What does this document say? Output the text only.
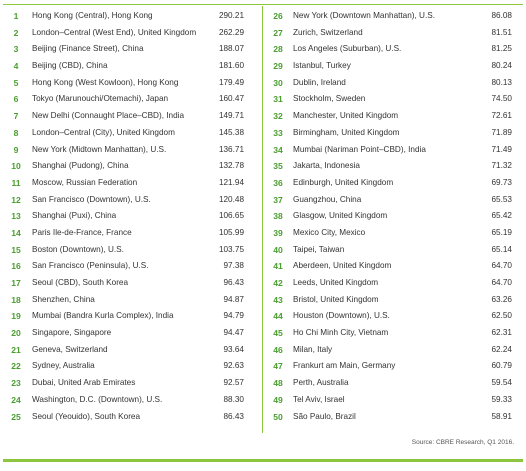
1	Hong Kong (Central), Hong Kong	290.21
2	London–Central (West End), United Kingdom	262.29
3	Beijing (Finance Street), China	188.07
4	Beijing (CBD), China	181.60
5	Hong Kong (West Kowloon), Hong Kong	179.49
6	Tokyo (Marunouchi/Otemachi), Japan	160.47
7	New Delhi (Connaught Place–CBD), India	149.71
8	London–Central (City), United Kingdom	145.38
9	New York (Midtown Manhattan), U.S.	136.71
10	Shanghai (Pudong), China	132.78
11	Moscow, Russian Federation	121.94
12	San Francisco (Downtown), U.S.	120.48
13	Shanghai (Puxi), China	106.65
14	Paris Ile-de-France, France	105.99
15	Boston (Downtown), U.S.	103.75
16	San Francisco (Peninsula), U.S.	97.38
17	Seoul (CBD), South Korea	96.43
18	Shenzhen, China	94.87
19	Mumbai (Bandra Kurla Complex), India	94.79
20	Singapore, Singapore	94.47
21	Geneva, Switzerland	93.64
22	Sydney, Australia	92.63
23	Dubai, United Arab Emirates	92.57
24	Washington, D.C. (Downtown), U.S.	88.30
25	Seoul (Yeouido), South Korea	86.43
26	New York (Downtown Manhattan), U.S.	86.08
27	Zurich, Switzerland	81.51
28	Los Angeles (Suburban), U.S.	81.25
29	Istanbul, Turkey	80.24
30	Dublin, Ireland	80.13
31	Stockholm, Sweden	74.50
32	Manchester, United Kingdom	72.61
33	Birmingham, United Kingdom	71.89
34	Mumbai (Nariman Point–CBD), India	71.49
35	Jakarta, Indonesia	71.32
36	Edinburgh, United Kingdom	69.73
37	Guangzhou, China	65.53
38	Glasgow, United Kingdom	65.42
39	Mexico City, Mexico	65.19
40	Taipei, Taiwan	65.14
41	Aberdeen, United Kingdom	64.70
42	Leeds, United Kingdom	64.70
43	Bristol, United Kingdom	63.26
44	Houston (Downtown), U.S.	62.50
45	Ho Chi Minh City, Vietnam	62.31
46	Milan, Italy	62.24
47	Frankurt am Main, Germany	60.79
48	Perth, Australia	59.54
49	Tel Aviv, Israel	59.33
50	São Paulo, Brazil	58.91
Source: CBRE Research, Q1 2016.
